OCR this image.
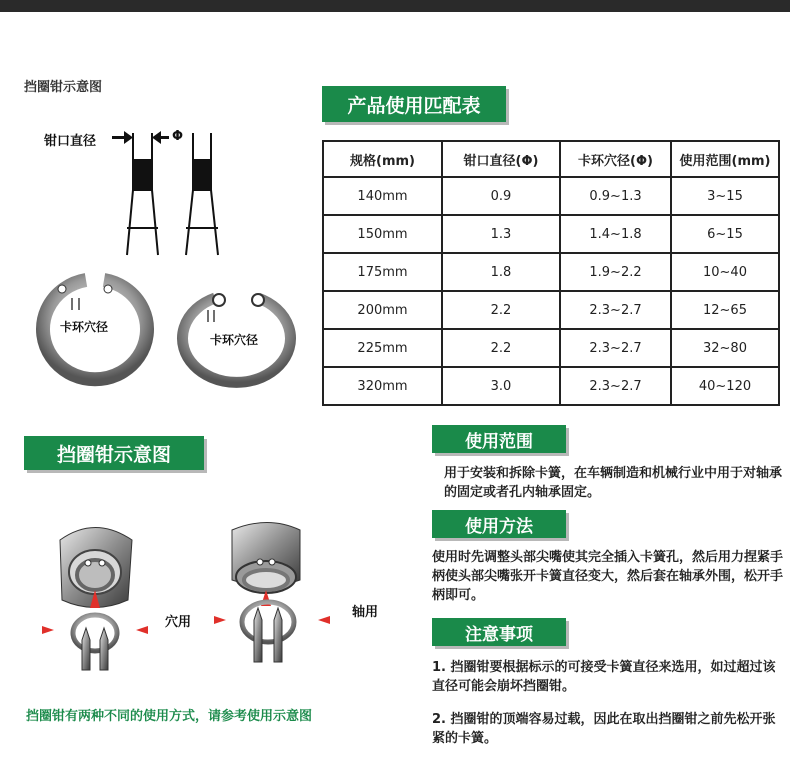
挡圈钳示意图
钳口直径	Φ
卡环穴径
卡环穴径
穴用
轴用
产品使用匹配表
规格(mm)	钳口直径(Φ)	卡环穴径(Φ)	使用范围(mm)
140mm	0.9	0.9~1.3	3~15
150mm	1.3	1.4~1.8	6~15
175mm	1.8	1.9~2.2	10~40
200mm	2.2	2.3~2.7	12~65
225mm	2.2	2.3~2.7	32~80
320mm	3.0	2.3~2.7	40~120
挡圈钳示意图
挡圈钳有两种不同的使用方式，请参考使用示意图
使用范围
用于安装和拆除卡簧，在车辆制造和机械行业中用于对轴承的固定或者孔内轴承固定。
使用方法
使用时先调整头部尖嘴使其完全插入卡簧孔，然后用力捏紧手柄使头部尖嘴张开卡簧直径变大，然后套在轴承外围，松开手柄即可。
注意事项
1. 挡圈钳要根据标示的可接受卡簧直径来选用，如过超过该直径可能会崩坏挡圈钳。
2. 挡圈钳的顶端容易过载，因此在取出挡圈钳之前先松开张紧的卡簧。
